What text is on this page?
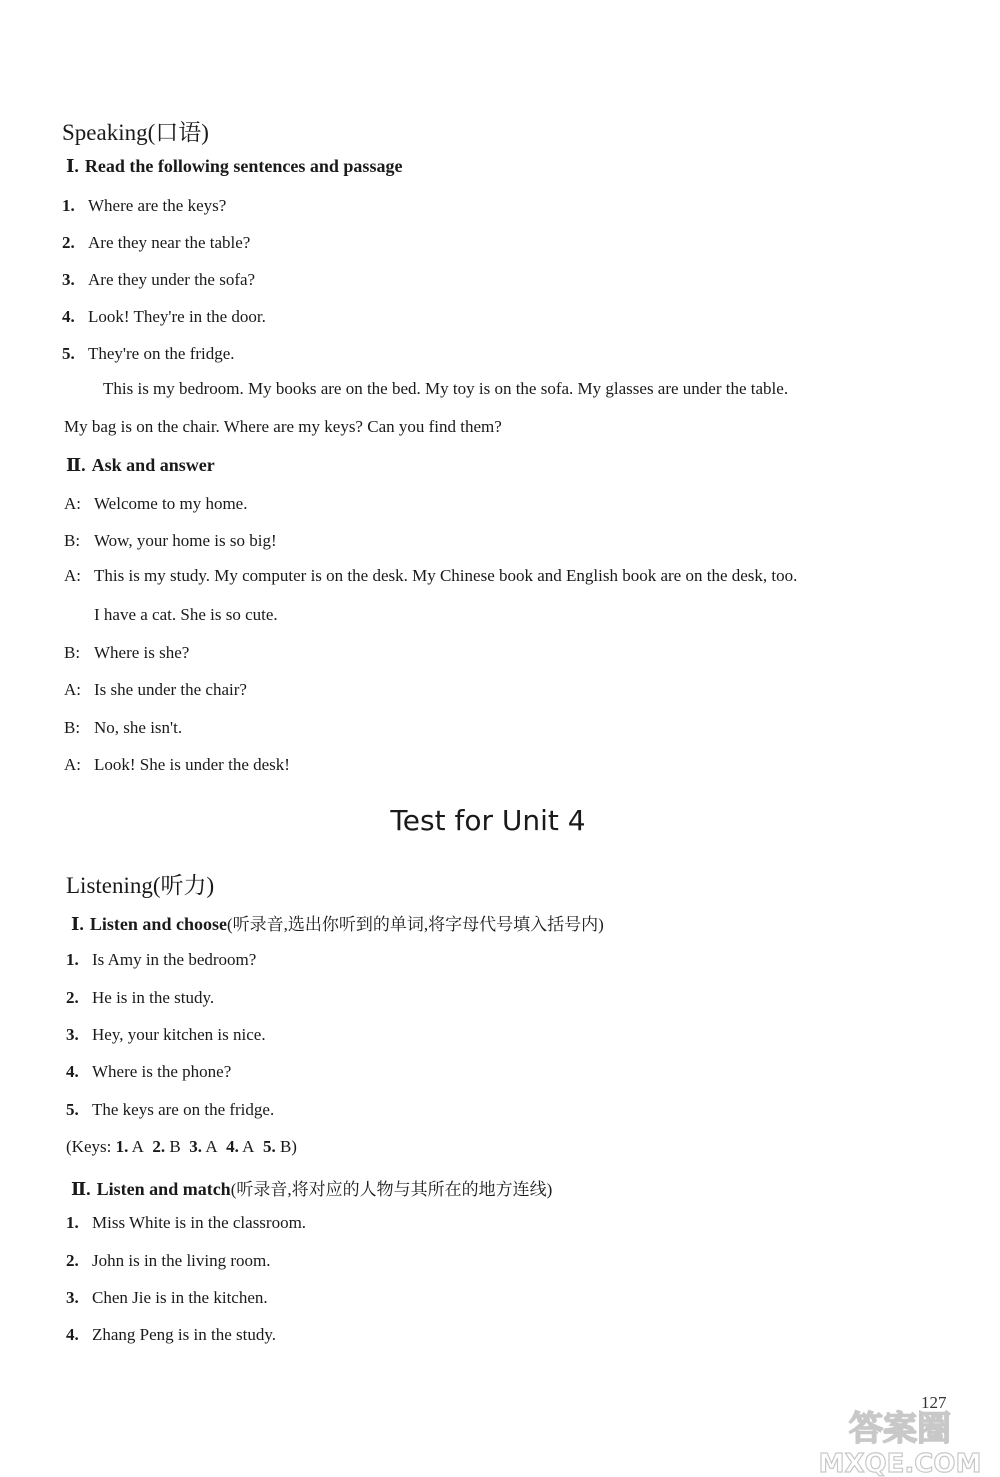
Speaking(口语)
Ⅰ. Read the following sentences and passage
1. Where are the keys?
2. Are they near the table?
3. Are they under the sofa?
4. Look! They're in the door.
5. They're on the fridge.
This is my bedroom. My books are on the bed. My toy is on the sofa. My glasses are under the table.
My bag is on the chair. Where are my keys? Can you find them?
Ⅱ. Ask and answer
A: Welcome to my home.
B: Wow, your home is so big!
A: This is my study. My computer is on the desk. My Chinese book and English book are on the desk, too.
I have a cat. She is so cute.
B: Where is she?
A: Is she under the chair?
B: No, she isn't.
A: Look! She is under the desk!
Test for Unit 4
Listening(听力)
Ⅰ. Listen and choose(听录音,选出你听到的单词,将字母代号填入括号内)
1. Is Amy in the bedroom?
2. He is in the study.
3. Hey, your kitchen is nice.
4. Where is the phone?
5. The keys are on the fridge.
(Keys: 1. A 2. B 3. A 4. A 5. B)
Ⅱ. Listen and match(听录音,将对应的人物与其所在的地方连线)
1. Miss White is in the classroom.
2. John is in the living room.
3. Chen Jie is in the kitchen.
4. Zhang Peng is in the study.
127
答案圈
MXQE.COM
